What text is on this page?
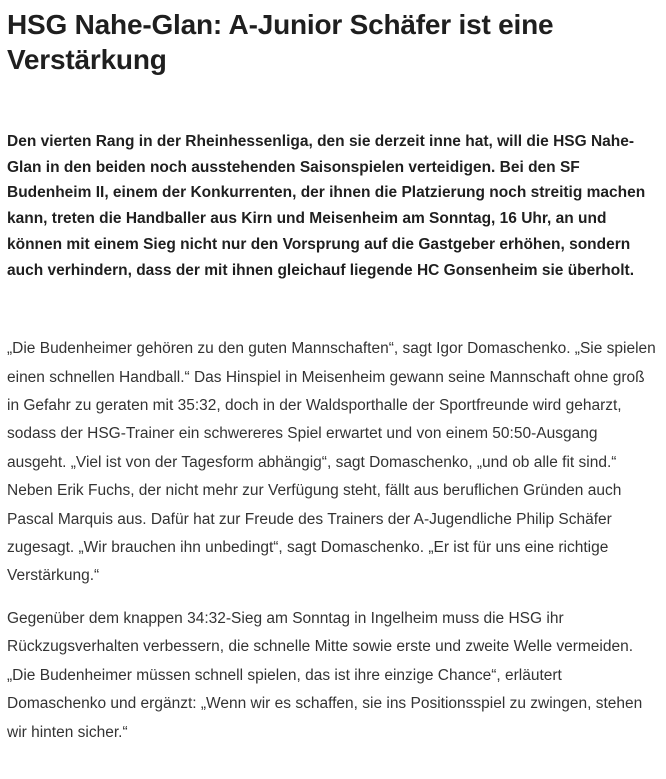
HSG Nahe-Glan: A-Junior Schäfer ist eine Verstärkung

Den vierten Rang in der Rheinhessenliga, den sie derzeit inne hat, will die HSG Nahe-Glan in den beiden noch ausstehenden Saisonspielen verteidigen. Bei den SF Budenheim II, einem der Konkurrenten, der ihnen die Platzierung noch streitig machen kann, treten die Handballer aus Kirn und Meisenheim am Sonntag, 16 Uhr, an und können mit einem Sieg nicht nur den Vorsprung auf die Gastgeber erhöhen, sondern auch verhindern, dass der mit ihnen gleichauf liegende HC Gonsenheim sie überholt.

„Die Budenheimer gehören zu den guten Mannschaften“, sagt Igor Domaschenko. „Sie spielen einen schnellen Handball.“ Das Hinspiel in Meisenheim gewann seine Mannschaft ohne groß in Gefahr zu geraten mit 35:32, doch in der Waldsporthalle der Sportfreunde wird geharzt, sodass der HSG-Trainer ein schwereres Spiel erwartet und von einem 50:50-Ausgang ausgeht. „Viel ist von der Tagesform abhängig“, sagt Domaschenko, „und ob alle fit sind.“ Neben Erik Fuchs, der nicht mehr zur Verfügung steht, fällt aus beruflichen Gründen auch Pascal Marquis aus. Dafür hat zur Freude des Trainers der A-Jugendliche Philip Schäfer zugesagt. „Wir brauchen ihn unbedingt“, sagt Domaschenko. „Er ist für uns eine richtige Verstärkung.“

Gegenüber dem knappen 34:32-Sieg am Sonntag in Ingelheim muss die HSG ihr Rückzugsverhalten verbessern, die schnelle Mitte sowie erste und zweite Welle vermeiden. „Die Budenheimer müssen schnell spielen, das ist ihre einzige Chance“, erläutert Domaschenko und ergänzt: „Wenn wir es schaffen, sie ins Positionsspiel zu zwingen, stehen wir hinten sicher.“
